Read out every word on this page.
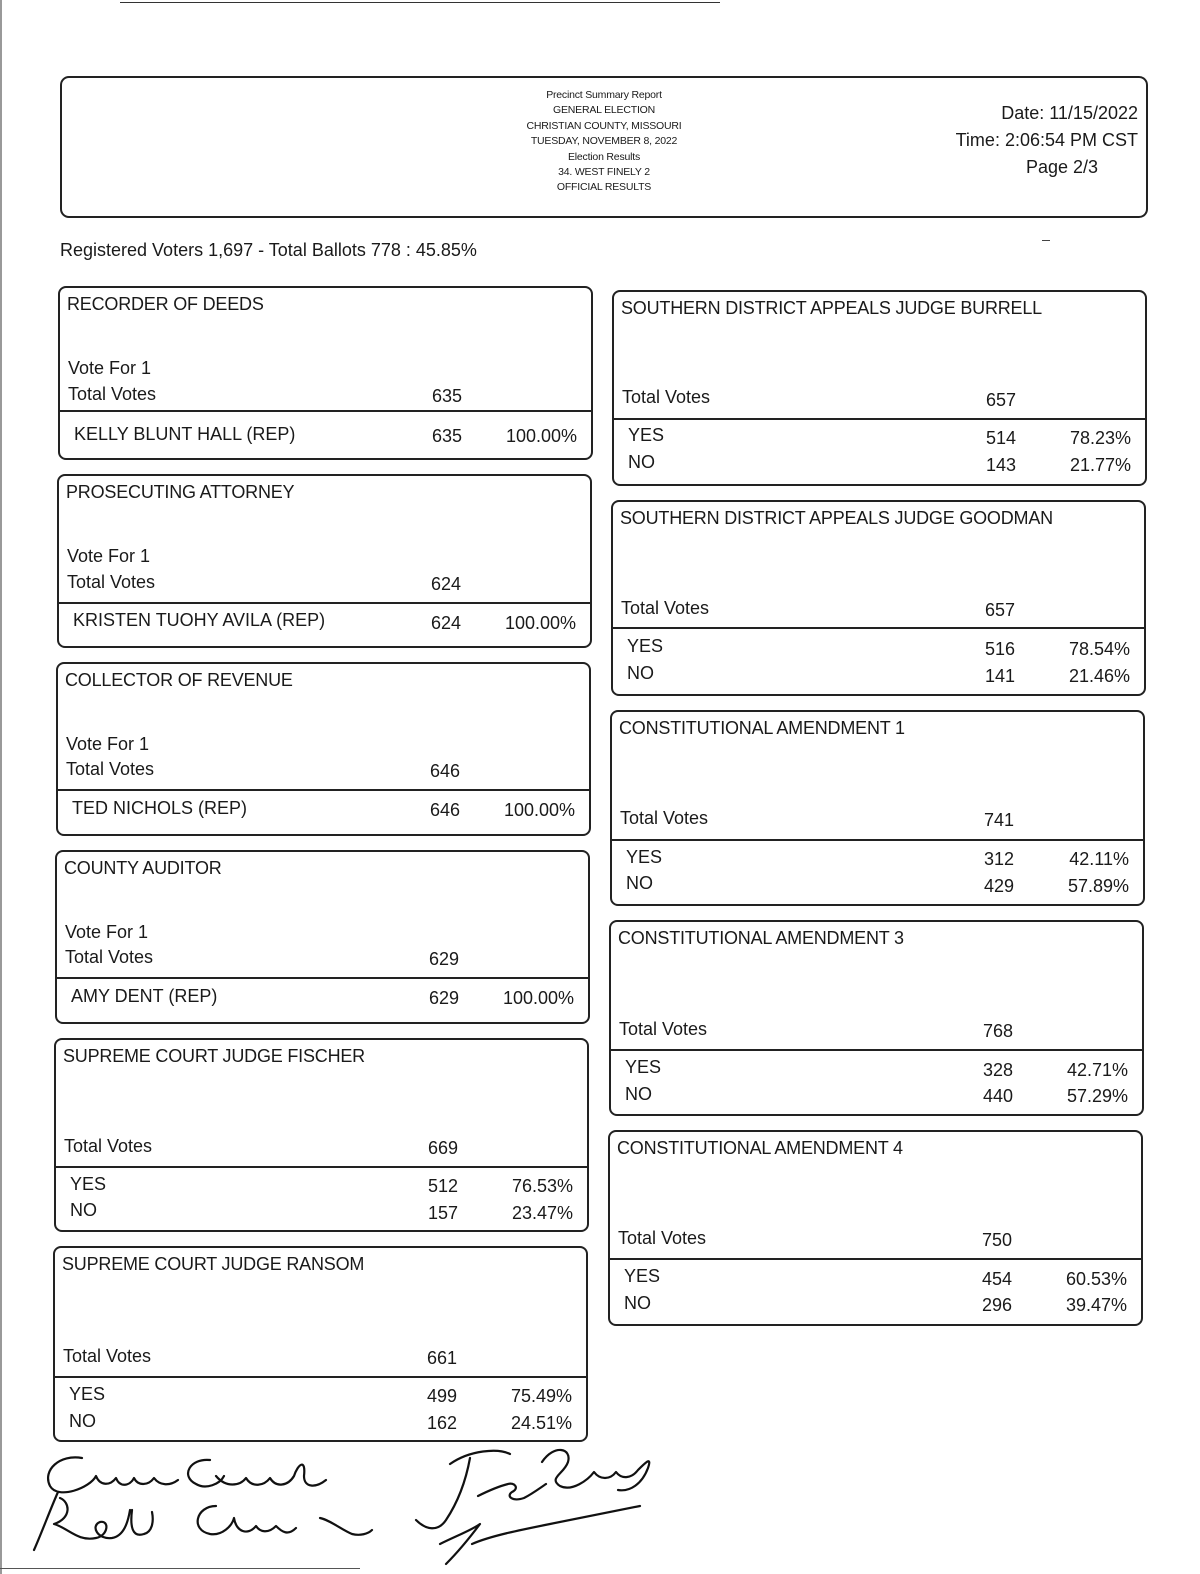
Precinct Summary Report
GENERAL ELECTION
CHRISTIAN COUNTY, MISSOURI
TUESDAY, NOVEMBER 8, 2022
Election Results
34. WEST FINELY 2
OFFICIAL RESULTS
Date: 11/15/2022
Time: 2:06:54 PM CST
Page 2/3
Registered Voters 1,697 - Total Ballots 778 : 45.85%
RECORDER OF DEEDS
Vote For 1
Total Votes	635
KELLY BLUNT HALL (REP)	635 100.00%
PROSECUTING ATTORNEY
Vote For 1
Total Votes	624
KRISTEN TUOHY AVILA (REP)	624 100.00%
COLLECTOR OF REVENUE
Vote For 1
Total Votes	646
TED NICHOLS (REP)	646 100.00%
COUNTY AUDITOR
Vote For 1
Total Votes	629
AMY DENT (REP)	629 100.00%
SUPREME COURT JUDGE FISCHER
Total Votes	669
YES	512	76.53%
NO	157	23.47%
SUPREME COURT JUDGE RANSOM
Total Votes	661
YES	499	75.49%
NO	162	24.51%
SOUTHERN DISTRICT APPEALS JUDGE BURRELL
Total Votes	657
YES	514	78.23%
NO	143	21.77%
SOUTHERN DISTRICT APPEALS JUDGE GOODMAN
Total Votes	657
YES	516	78.54%
NO	141	21.46%
CONSTITUTIONAL AMENDMENT 1
Total Votes	741
YES	312	42.11%
NO	429	57.89%
CONSTITUTIONAL AMENDMENT 3
Total Votes	768
YES	328	42.71%
NO	440	57.29%
CONSTITUTIONAL AMENDMENT 4
Total Votes	750
YES	454	60.53%
NO	296	39.47%
